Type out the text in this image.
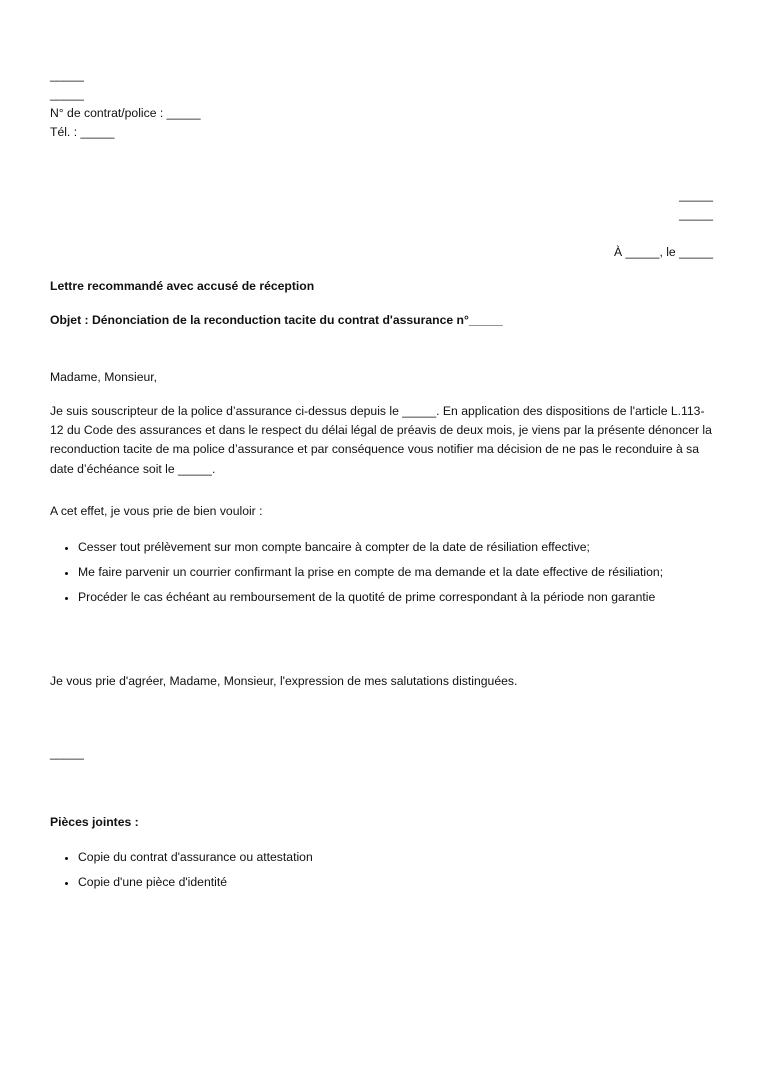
_____
_____
N° de contrat/police : _____
Tél. : _____
_____
_____
À _____, le _____
Lettre recommandé avec accusé de réception
Objet : Dénonciation de la reconduction tacite du contrat d'assurance n°_____

Madame, Monsieur,

Je suis souscripteur de la police d’assurance ci-dessus depuis le _____. En application des dispositions de l'article L.113-12 du Code des assurances et dans le respect du délai légal de préavis de deux mois, je viens par la présente dénoncer la reconduction tacite de ma police d’assurance et par conséquence vous notifier ma décision de ne pas le reconduire à sa date d’échéance soit le _____.

A cet effet, je vous prie de bien vouloir :

• Cesser tout prélèvement sur mon compte bancaire à compter de la date de résiliation effective;
• Me faire parvenir un courrier confirmant la prise en compte de ma demande et la date effective de résiliation;
• Procéder le cas échéant au remboursement de la quotité de prime correspondant à la période non garantie

Je vous prie d'agréer, Madame, Monsieur, l'expression de mes salutations distinguées.

_____
Pièces jointes :
• Copie du contrat d'assurance ou attestation
• Copie d'une pièce d'identité
